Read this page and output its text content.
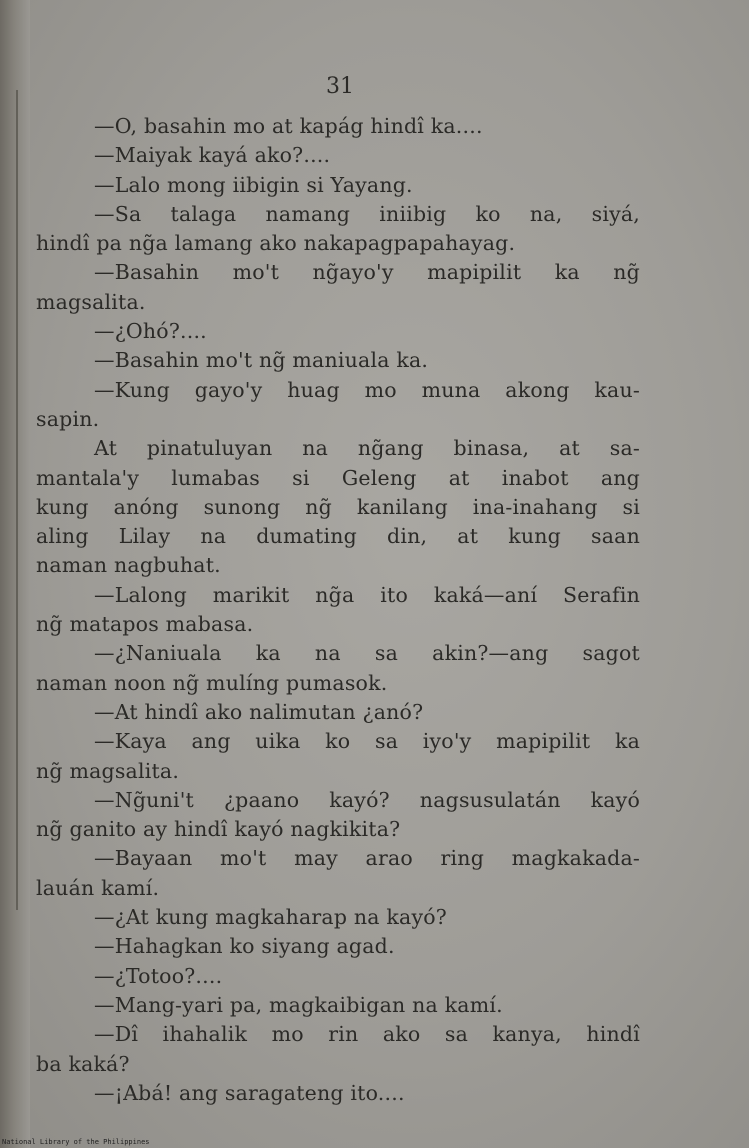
31
—O, basahin mo at kapág hindî ka....
—Maiyak kayá ako?....
—Lalo mong iibigin si Yayang.
—Sa talaga namang iniibig ko na, siyá,
hindî pa ng̃a lamang ako nakapagpapahayag.
—Basahin mo't ng̃ayo'y mapipilit ka ng̃
magsalita.
—¿Ohó?....
—Basahin mo't ng̃ maniuala ka.
—Kung gayo'y huag mo muna akong kau-
sapin.
At pinatuluyan na ng̃ang binasa, at sa-
mantala'y lumabas si Geleng at inabot ang
kung anóng sunong ng̃ kanilang ina-inahang si
aling Lilay na dumating din, at kung saan
naman nagbuhat.
—Lalong marikit ng̃a ito kaká—aní Serafin
ng̃ matapos mabasa.
—¿Naniuala ka na sa akin?—ang sagot
naman noon ng̃ mulíng pumasok.
—At hindî ako nalimutan ¿anó?
—Kaya ang uika ko sa iyo'y mapipilit ka
ng̃ magsalita.
—Ng̃uni't ¿paano kayó? nagsusulatán kayó
ng̃ ganito ay hindî kayó nagkikita?
—Bayaan mo't may arao ring magkakada-
lauán kamí.
—¿At kung magkaharap na kayó?
—Hahagkan ko siyang agad.
—¿Totoo?....
—Mang-yari pa, magkaibigan na kamí.
—Dî ihahalik mo rin ako sa kanya, hindî
ba kaká?
—¡Abá! ang saragateng ito....
National Library of the Philippines
